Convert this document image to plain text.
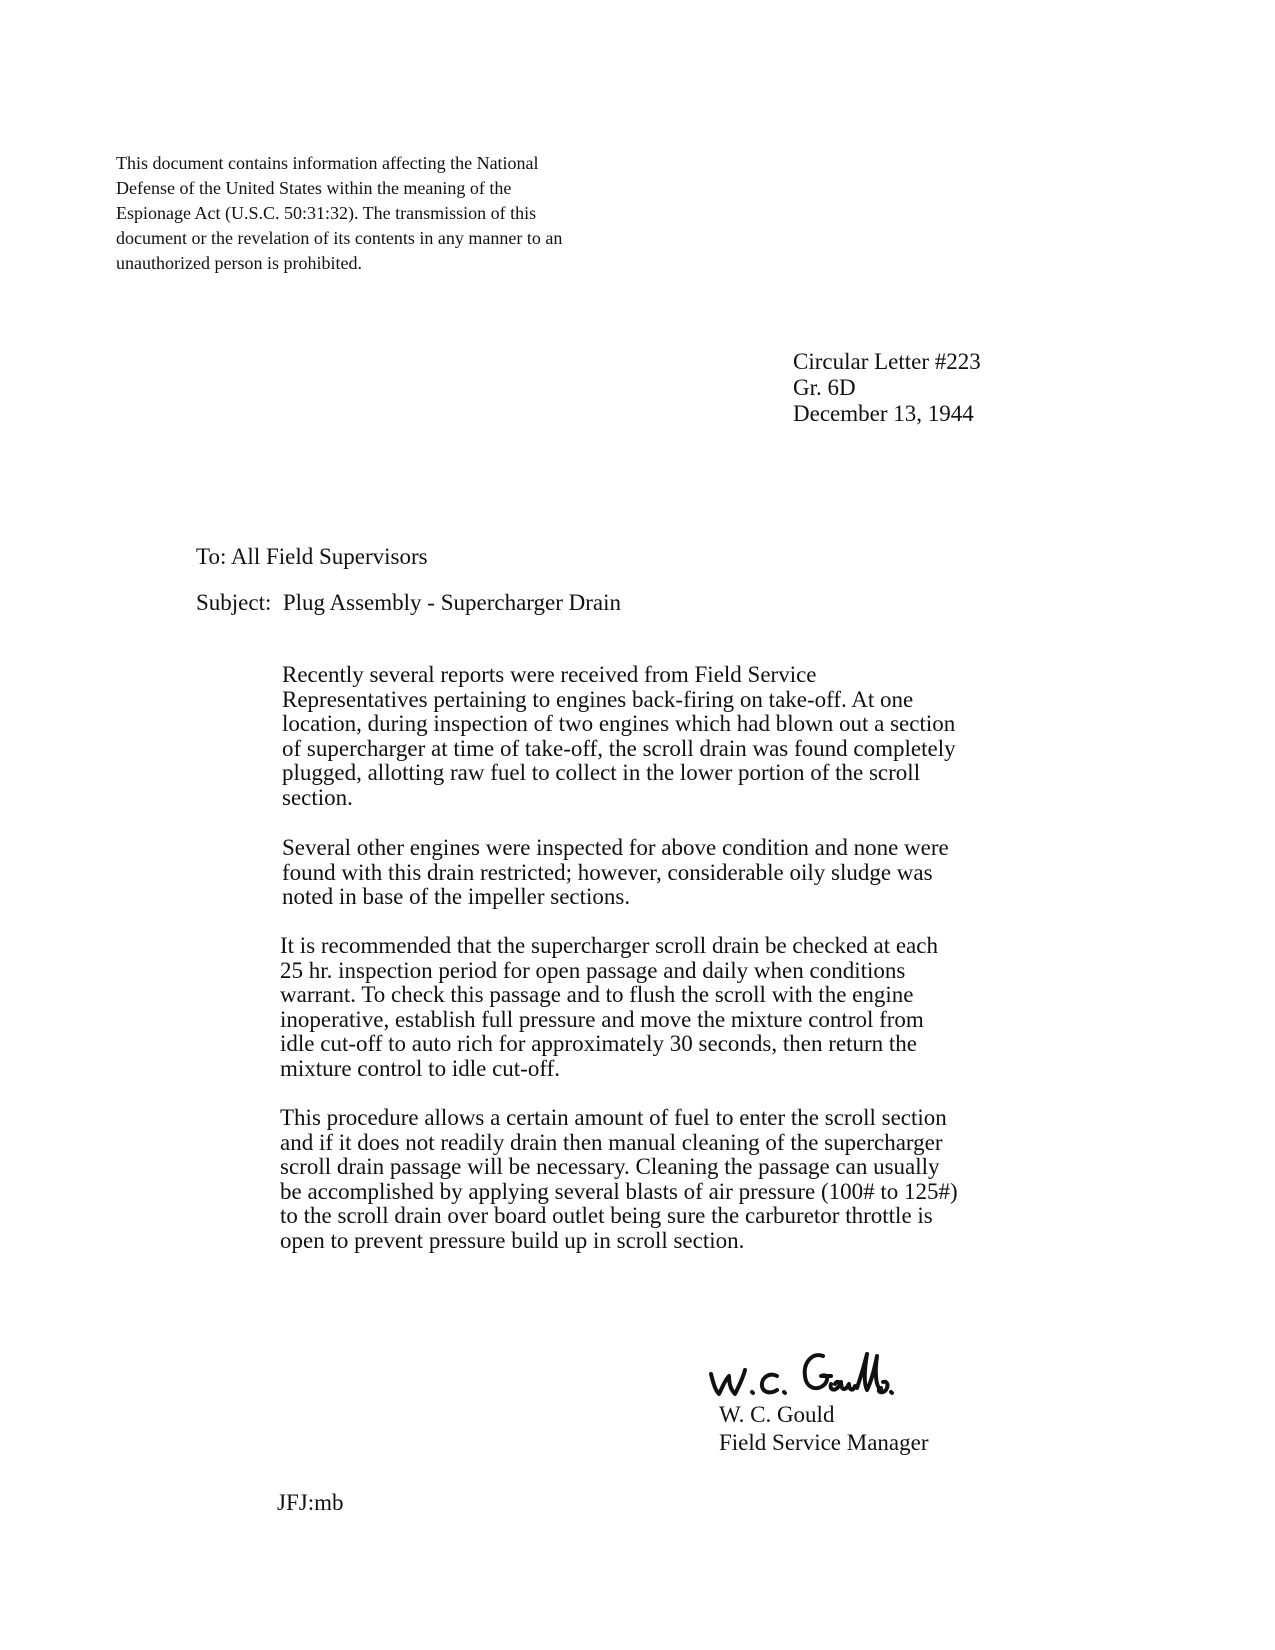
This document contains information affecting the National
Defense of the United States within the meaning of the
Espionage Act (U.S.C. 50:31:32). The transmission of this
document or the revelation of its contents in any manner to an
unauthorized person is prohibited.
Circular Letter #223
Gr. 6D
December 13, 1944
To: All Field Supervisors
Subject:  Plug Assembly - Supercharger Drain
Recently several reports were received from Field Service
Representatives pertaining to engines back-firing on take-off. At one
location, during inspection of two engines which had blown out a section
of supercharger at time of take-off, the scroll drain was found completely
plugged, allotting raw fuel to collect in the lower portion of the scroll
section.
Several other engines were inspected for above condition and none were
found with this drain restricted; however, considerable oily sludge was
noted in base of the impeller sections.
It is recommended that the supercharger scroll drain be checked at each
25 hr. inspection period for open passage and daily when conditions
warrant. To check this passage and to flush the scroll with the engine
inoperative, establish full pressure and move the mixture control from
idle cut-off to auto rich for approximately 30 seconds, then return the
mixture control to idle cut-off.
This procedure allows a certain amount of fuel to enter the scroll section
and if it does not readily drain then manual cleaning of the supercharger
scroll drain passage will be necessary. Cleaning the passage can usually
be accomplished by applying several blasts of air pressure (100# to 125#)
to the scroll drain over board outlet being sure the carburetor throttle is
open to prevent pressure build up in scroll section.
W. C. Gould
Field Service Manager
JFJ:mb
